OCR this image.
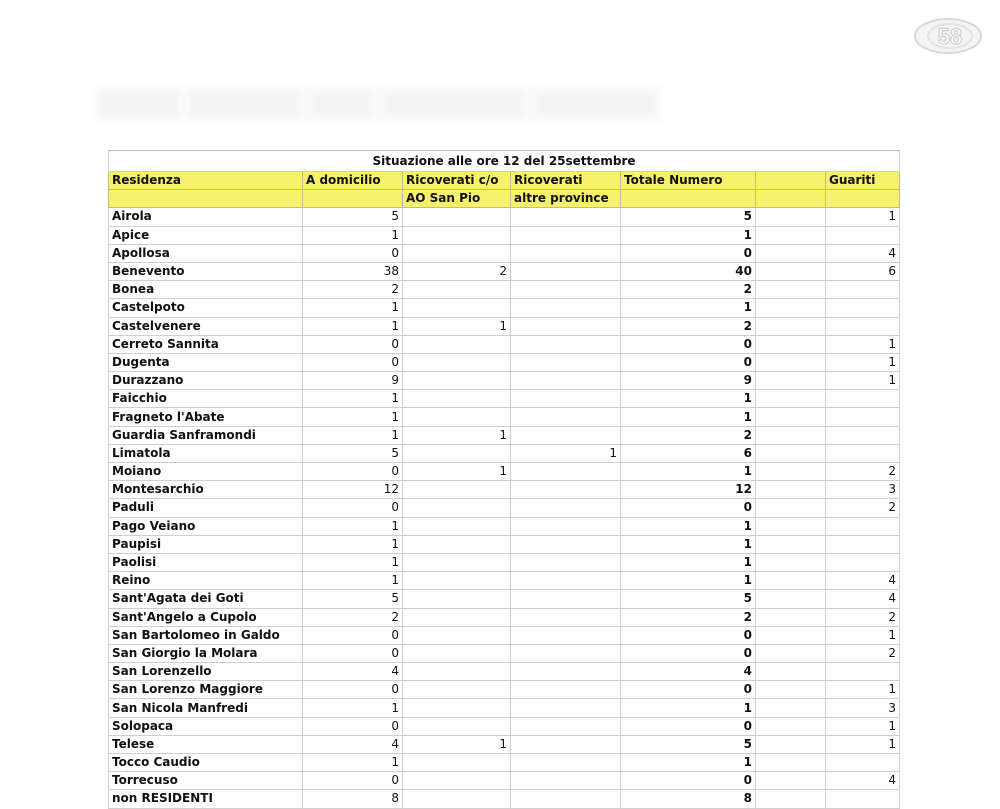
58
Situazione alle ore 12 del 25settembre						
Residenza	A domicilio	Ricoverati c/o	Ricoverati	Totale Numero		Guariti
		AO San Pio	altre province			
Airola	5			5		1
Apice	1			1		
Apollosa	0			0		4
Benevento	38	2		40		6
Bonea	2			2		
Castelpoto	1			1		
Castelvenere	1	1		2		
Cerreto Sannita	0			0		1
Dugenta	0			0		1
Durazzano	9			9		1
Faicchio	1			1		
Fragneto l'Abate	1			1		
Guardia Sanframondi	1	1		2		
Limatola	5		1	6		
Moiano	0	1		1		2
Montesarchio	12			12		3
Paduli	0			0		2
Pago Veiano	1			1		
Paupisi	1			1		
Paolisi	1			1		
Reino	1			1		4
Sant'Agata dei Goti	5			5		4
Sant'Angelo a Cupolo	2			2		2
San Bartolomeo in Galdo	0			0		1
San Giorgio la Molara	0			0		2
San Lorenzello	4			4		
San Lorenzo Maggiore	0			0		1
San Nicola Manfredi	1			1		3
Solopaca	0			0		1
Telese	4	1		5		1
Tocco Caudio	1			1		
Torrecuso	0			0		4
non RESIDENTI	8			8		
